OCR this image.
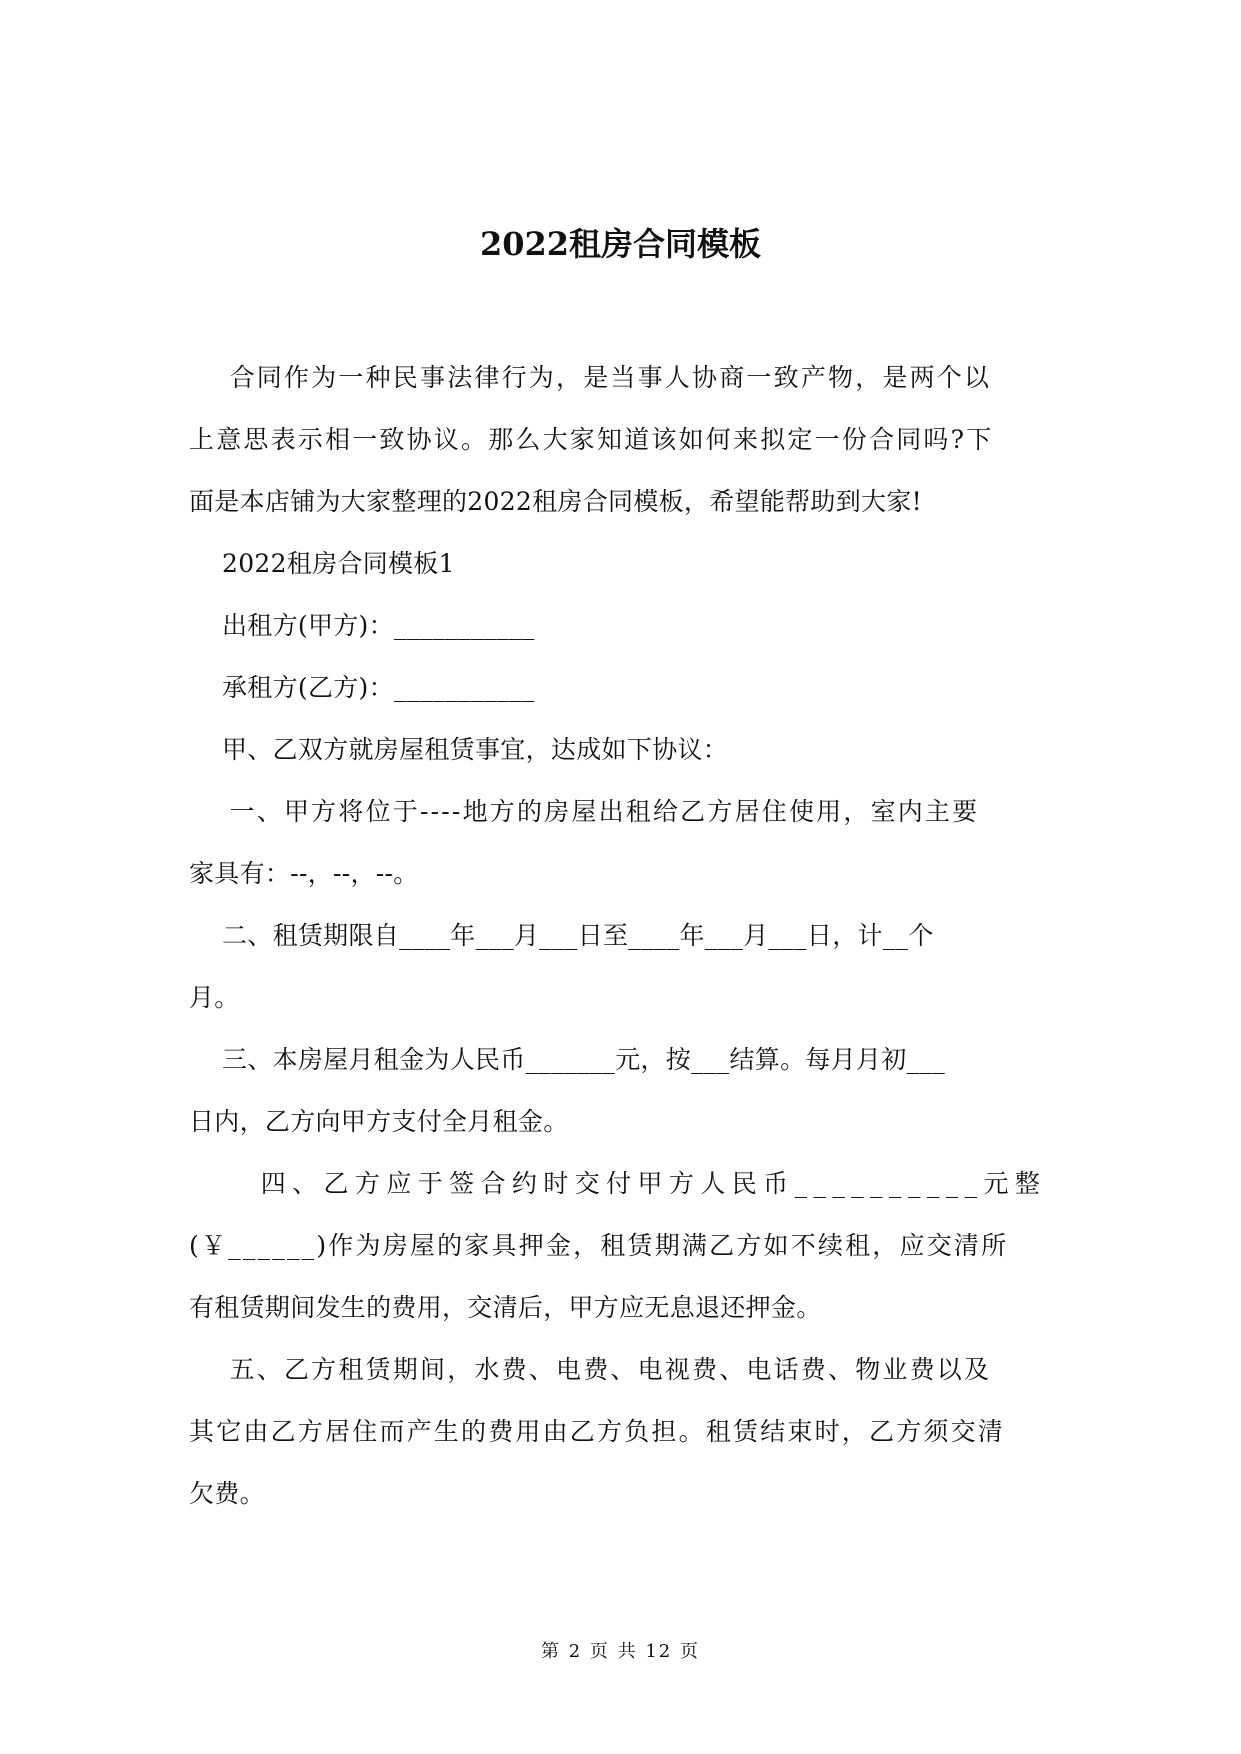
2022租房合同模板
合同作为一种民事法律行为，是当事人协商一致产物，是两个以
上意思表示相一致协议。那么大家知道该如何来拟定一份合同吗?下
面是本店铺为大家整理的2022租房合同模板，希望能帮助到大家!
2022租房合同模板1
出租方(甲方)：___________
承租方(乙方)：___________
甲、乙双方就房屋租赁事宜，达成如下协议：
一、甲方将位于----地方的房屋出租给乙方居住使用，室内主要
家具有：--，--，--。
二、租赁期限自____年___月___日至____年___月___日，计__个
月。
三、本房屋月租金为人民币_______元，按___结算。每月月初___
日内，乙方向甲方支付全月租金。
四、乙方应于签合约时交付甲方人民币__________元整
(￥______)作为房屋的家具押金，租赁期满乙方如不续租，应交清所
有租赁期间发生的费用，交清后，甲方应无息退还押金。
五、乙方租赁期间，水费、电费、电视费、电话费、物业费以及
其它由乙方居住而产生的费用由乙方负担。租赁结束时，乙方须交清
欠费。
第 2 页 共 12 页
